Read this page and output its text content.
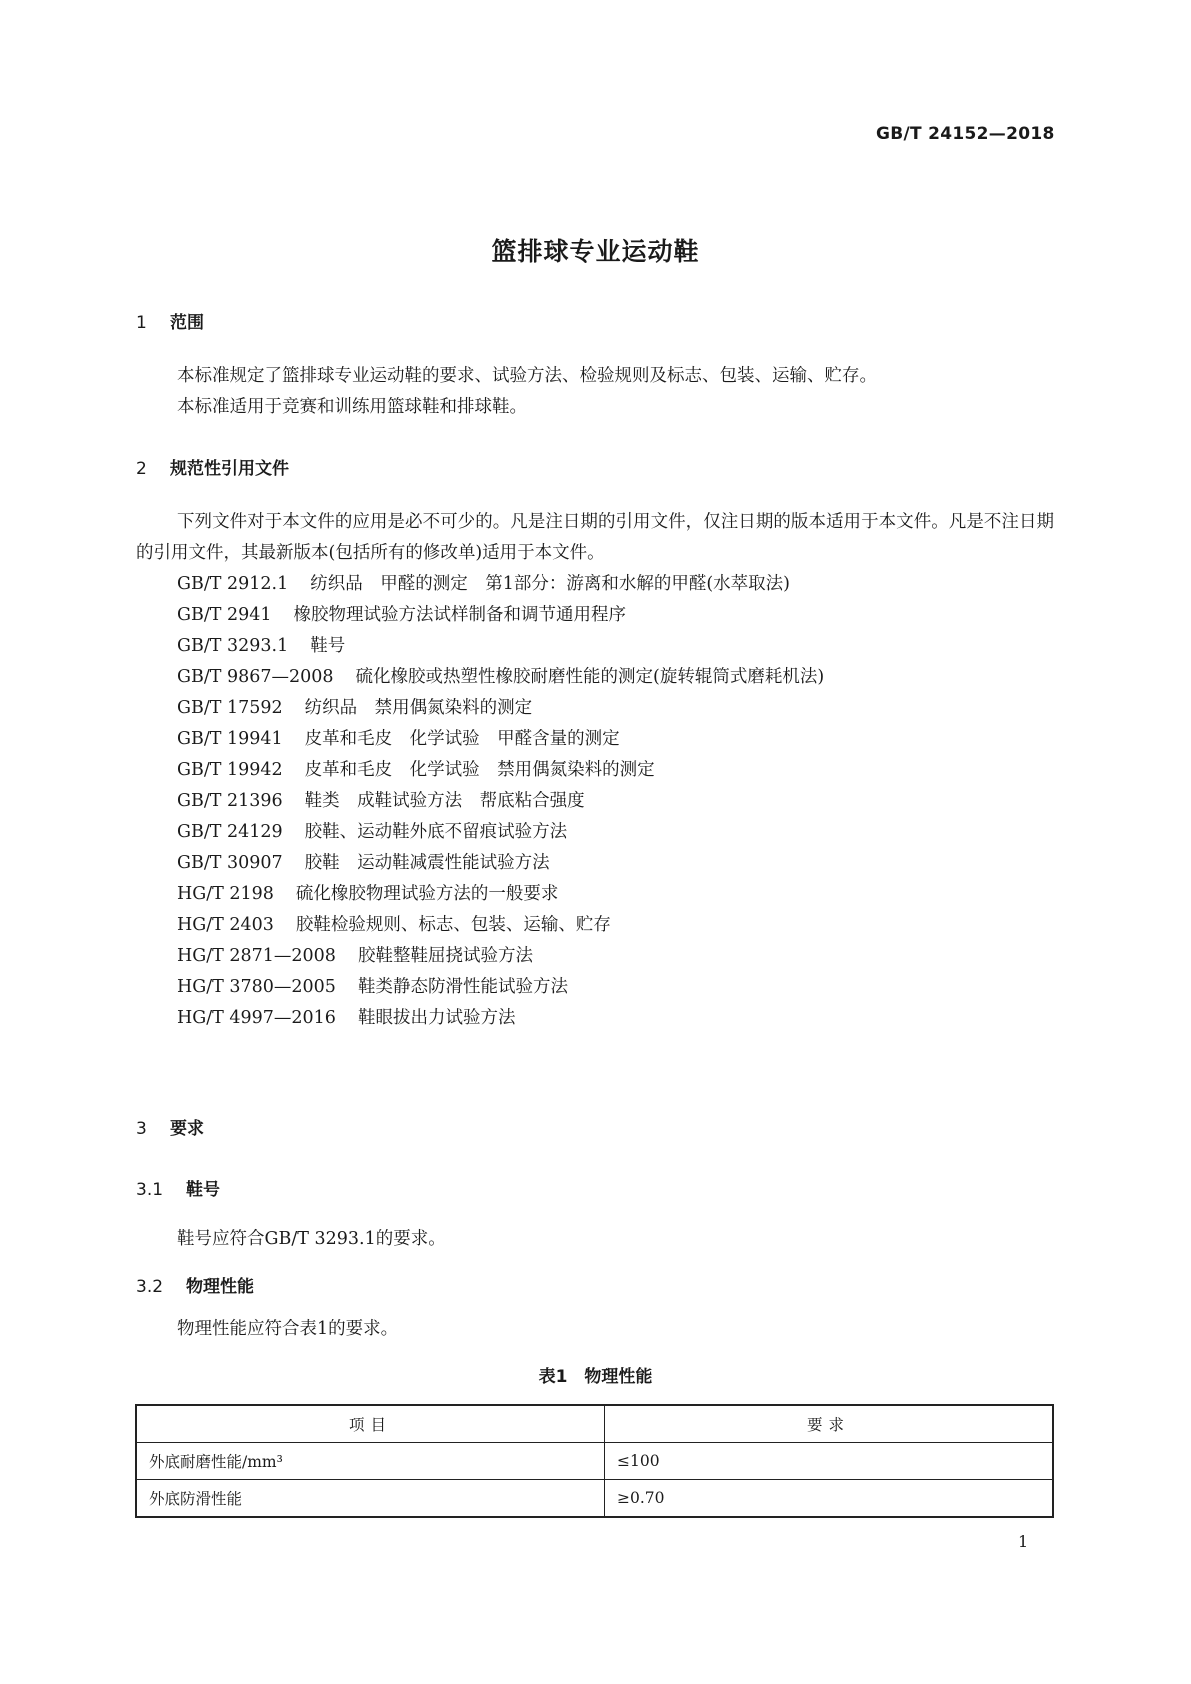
GB/T 24152—2018
篮排球专业运动鞋
1 范围
本标准规定了篮排球专业运动鞋的要求、试验方法、检验规则及标志、包装、运输、贮存。
本标准适用于竞赛和训练用篮球鞋和排球鞋。
2 规范性引用文件
下列文件对于本文件的应用是必不可少的。凡是注日期的引用文件，仅注日期的版本适用于本文件。凡是不注日期的引用文件，其最新版本(包括所有的修改单)适用于本文件。
GB/T 2912.1 纺织品　甲醛的测定　第1部分：游离和水解的甲醛(水萃取法)
GB/T 2941 橡胶物理试验方法试样制备和调节通用程序
GB/T 3293.1 鞋号
GB/T 9867—2008 硫化橡胶或热塑性橡胶耐磨性能的测定(旋转辊筒式磨耗机法)
GB/T 17592 纺织品　禁用偶氮染料的测定
GB/T 19941 皮革和毛皮　化学试验　甲醛含量的测定
GB/T 19942 皮革和毛皮　化学试验　禁用偶氮染料的测定
GB/T 21396 鞋类　成鞋试验方法　帮底粘合强度
GB/T 24129 胶鞋、运动鞋外底不留痕试验方法
GB/T 30907 胶鞋　运动鞋减震性能试验方法
HG/T 2198 硫化橡胶物理试验方法的一般要求
HG/T 2403 胶鞋检验规则、标志、包装、运输、贮存
HG/T 2871—2008 胶鞋整鞋屈挠试验方法
HG/T 3780—2005 鞋类静态防滑性能试验方法
HG/T 4997—2016 鞋眼拔出力试验方法
3 要求
3.1 鞋号
鞋号应符合GB/T 3293.1的要求。
3.2 物理性能
物理性能应符合表1的要求。
表1　物理性能
项目	要求
外底耐磨性能/mm³	≤100
外底防滑性能	≥0.70
1
